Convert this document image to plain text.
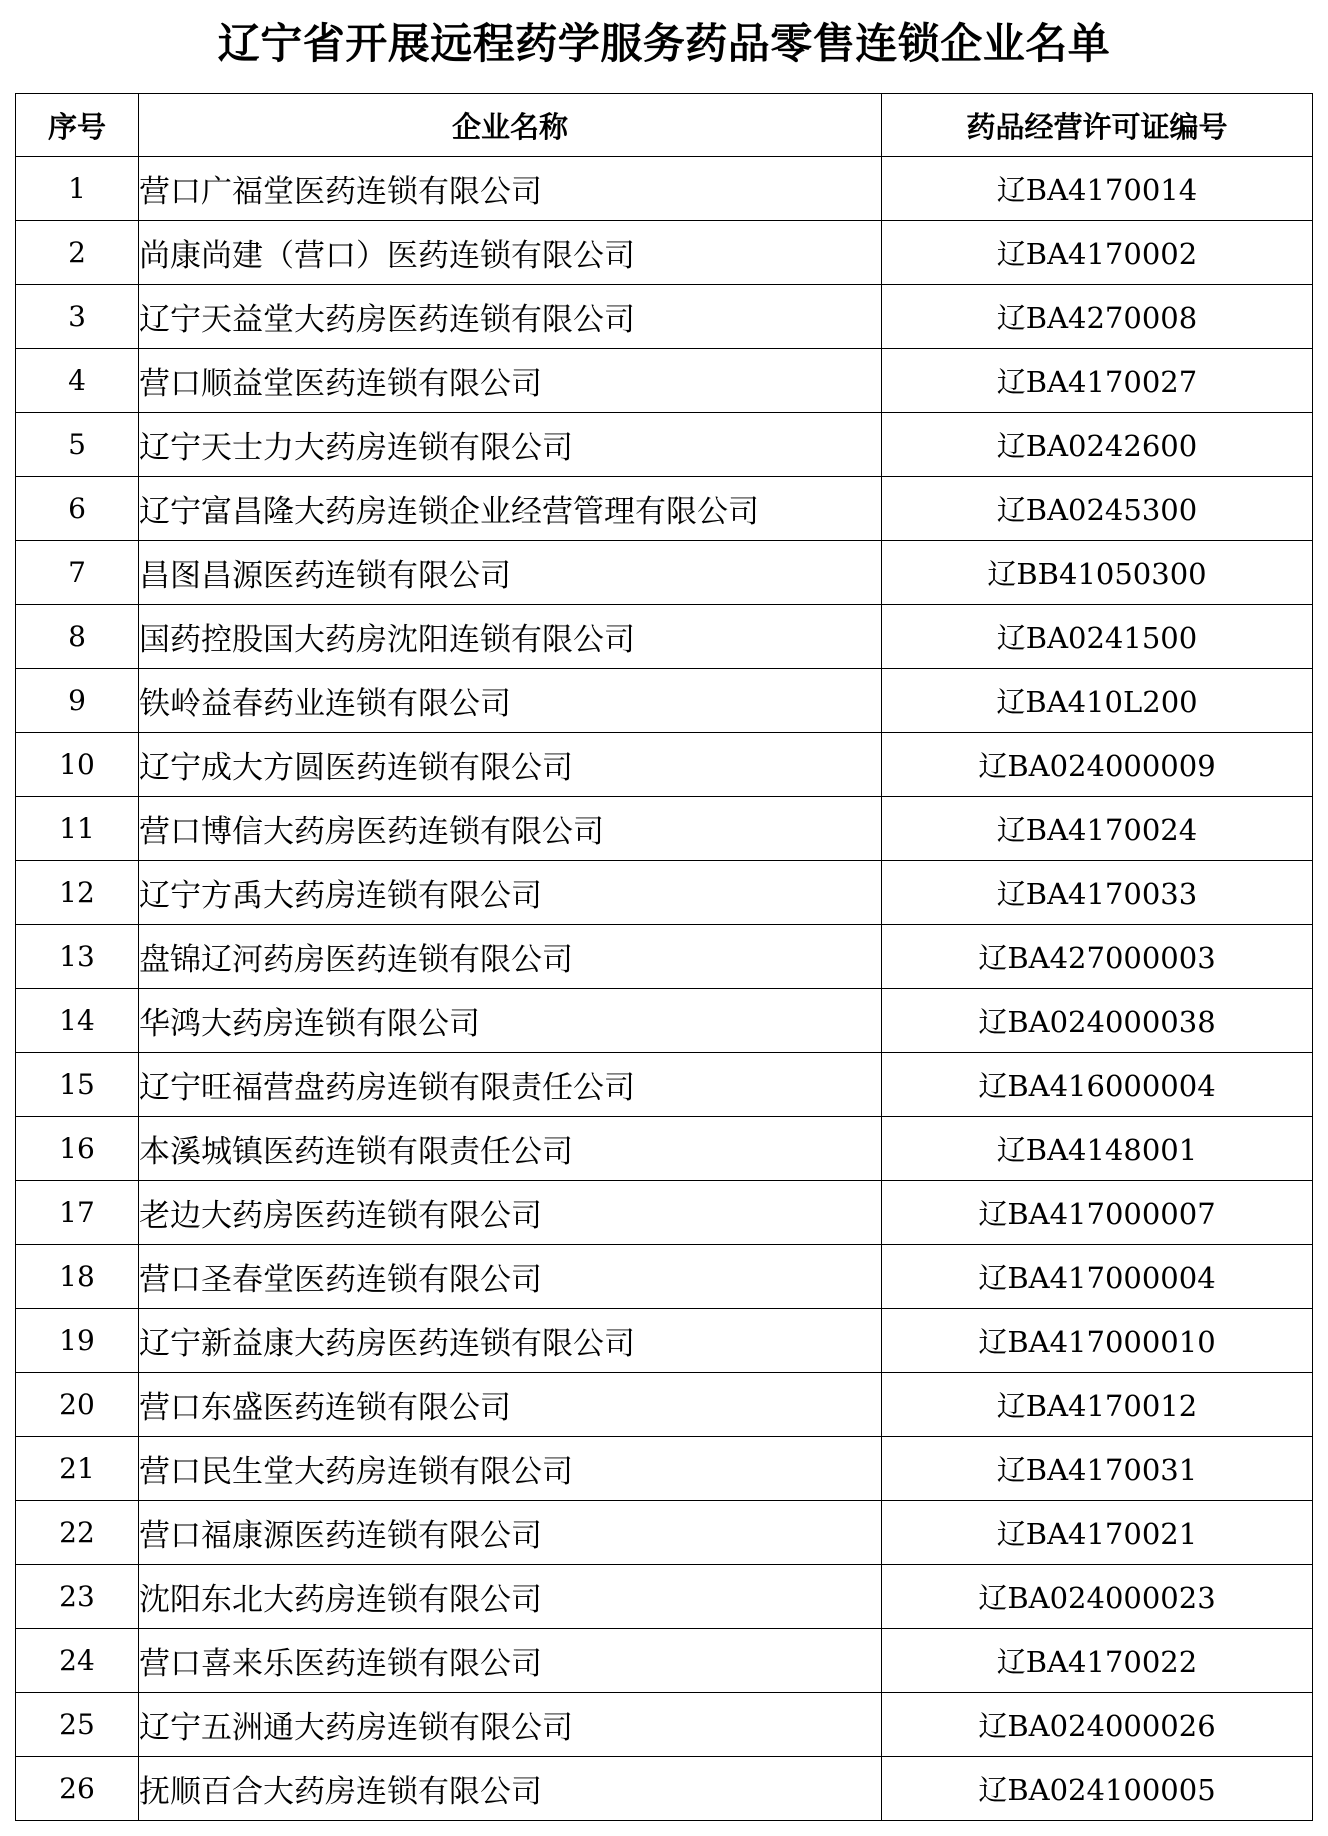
辽宁省开展远程药学服务药品零售连锁企业名单
序号	企业名称	药品经营许可证编号
1	营口广福堂医药连锁有限公司	辽BA4170014
2	尚康尚建（营口）医药连锁有限公司	辽BA4170002
3	辽宁天益堂大药房医药连锁有限公司	辽BA4270008
4	营口顺益堂医药连锁有限公司	辽BA4170027
5	辽宁天士力大药房连锁有限公司	辽BA0242600
6	辽宁富昌隆大药房连锁企业经营管理有限公司	辽BA0245300
7	昌图昌源医药连锁有限公司	辽BB41050300
8	国药控股国大药房沈阳连锁有限公司	辽BA0241500
9	铁岭益春药业连锁有限公司	辽BA410L200
10	辽宁成大方圆医药连锁有限公司	辽BA024000009
11	营口博信大药房医药连锁有限公司	辽BA4170024
12	辽宁方禹大药房连锁有限公司	辽BA4170033
13	盘锦辽河药房医药连锁有限公司	辽BA427000003
14	华鸿大药房连锁有限公司	辽BA024000038
15	辽宁旺福营盘药房连锁有限责任公司	辽BA416000004
16	本溪城镇医药连锁有限责任公司	辽BA4148001
17	老边大药房医药连锁有限公司	辽BA417000007
18	营口圣春堂医药连锁有限公司	辽BA417000004
19	辽宁新益康大药房医药连锁有限公司	辽BA417000010
20	营口东盛医药连锁有限公司	辽BA4170012
21	营口民生堂大药房连锁有限公司	辽BA4170031
22	营口福康源医药连锁有限公司	辽BA4170021
23	沈阳东北大药房连锁有限公司	辽BA024000023
24	营口喜来乐医药连锁有限公司	辽BA4170022
25	辽宁五洲通大药房连锁有限公司	辽BA024000026
26	抚顺百合大药房连锁有限公司	辽BA024100005
